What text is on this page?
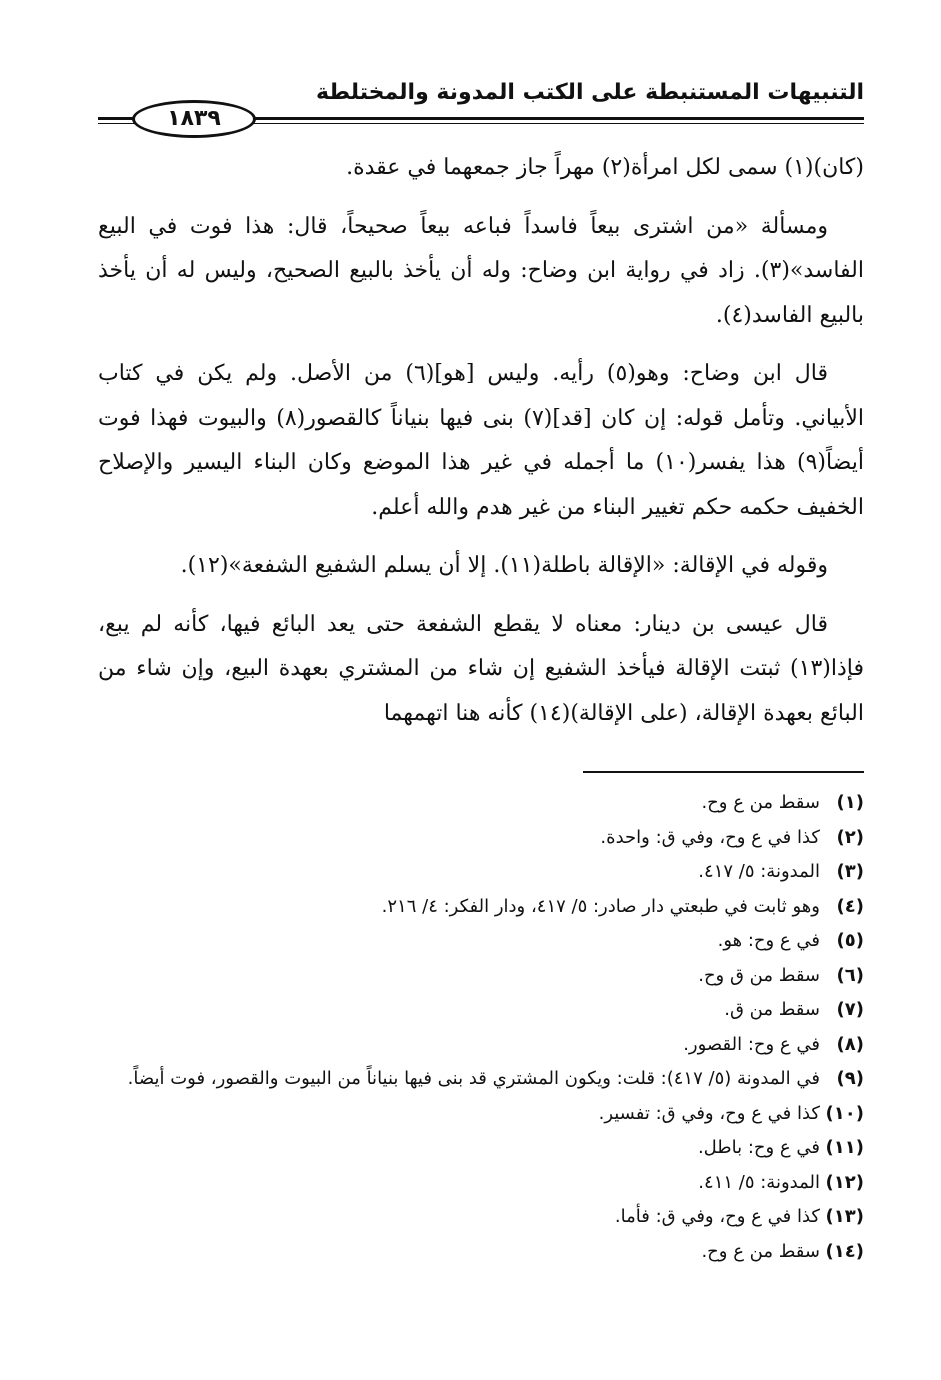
التنبيهات المستنبطة على الكتب المدونة والمختلطة
١٨٣٩

(كان)(١) سمى لكل امرأة(٢) مهراً جاز جمعهما في عقدة.

ومسألة «من اشترى بيعاً فاسداً فباعه بيعاً صحيحاً، قال: هذا فوت في البيع الفاسد»(٣). زاد في رواية ابن وضاح: وله أن يأخذ بالبيع الصحيح، وليس له أن يأخذ بالبيع الفاسد(٤).

قال ابن وضاح: وهو(٥) رأيه. وليس [هو](٦) من الأصل. ولم يكن في كتاب الأبياني. وتأمل قوله: إن كان [قد](٧) بنى فيها بنياناً كالقصور(٨) والبيوت فهذا فوت أيضاً(٩) هذا يفسر(١٠) ما أجمله في غير هذا الموضع وكان البناء اليسير والإصلاح الخفيف حكمه حكم تغيير البناء من غير هدم والله أعلم.

وقوله في الإقالة: «الإقالة باطلة(١١). إلا أن يسلم الشفيع الشفعة»(١٢).

قال عيسى بن دينار: معناه لا يقطع الشفعة حتى يعد البائع فيها، كأنه لم يبع، فإذا(١٣) ثبتت الإقالة فيأخذ الشفيع إن شاء من المشتري بعهدة البيع، وإن شاء من البائع بعهدة الإقالة، (على الإقالة)(١٤) كأنه هنا اتهمهما

(١)
سقط من ع وح.
(٢)
كذا في ع وح، وفي ق: واحدة.
(٣)
المدونة: ٥/ ٤١٧.
(٤)
وهو ثابت في طبعتي دار صادر: ٥/ ٤١٧، ودار الفكر: ٤/ ٢١٦.
(٥)
في ع وح: هو.
(٦)
سقط من ق وح.
(٧)
سقط من ق.
(٨)
في ع وح: القصور.
(٩)
في المدونة (٥/ ٤١٧): قلت: ويكون المشتري قد بنى فيها بنياناً من البيوت والقصور، فوت أيضاً.
(١٠)
كذا في ع وح، وفي ق: تفسير.
(١١)
في ع وح: باطل.
(١٢)
المدونة: ٥/ ٤١١.
(١٣)
كذا في ع وح، وفي ق: فأما.
(١٤)
سقط من ع وح.
